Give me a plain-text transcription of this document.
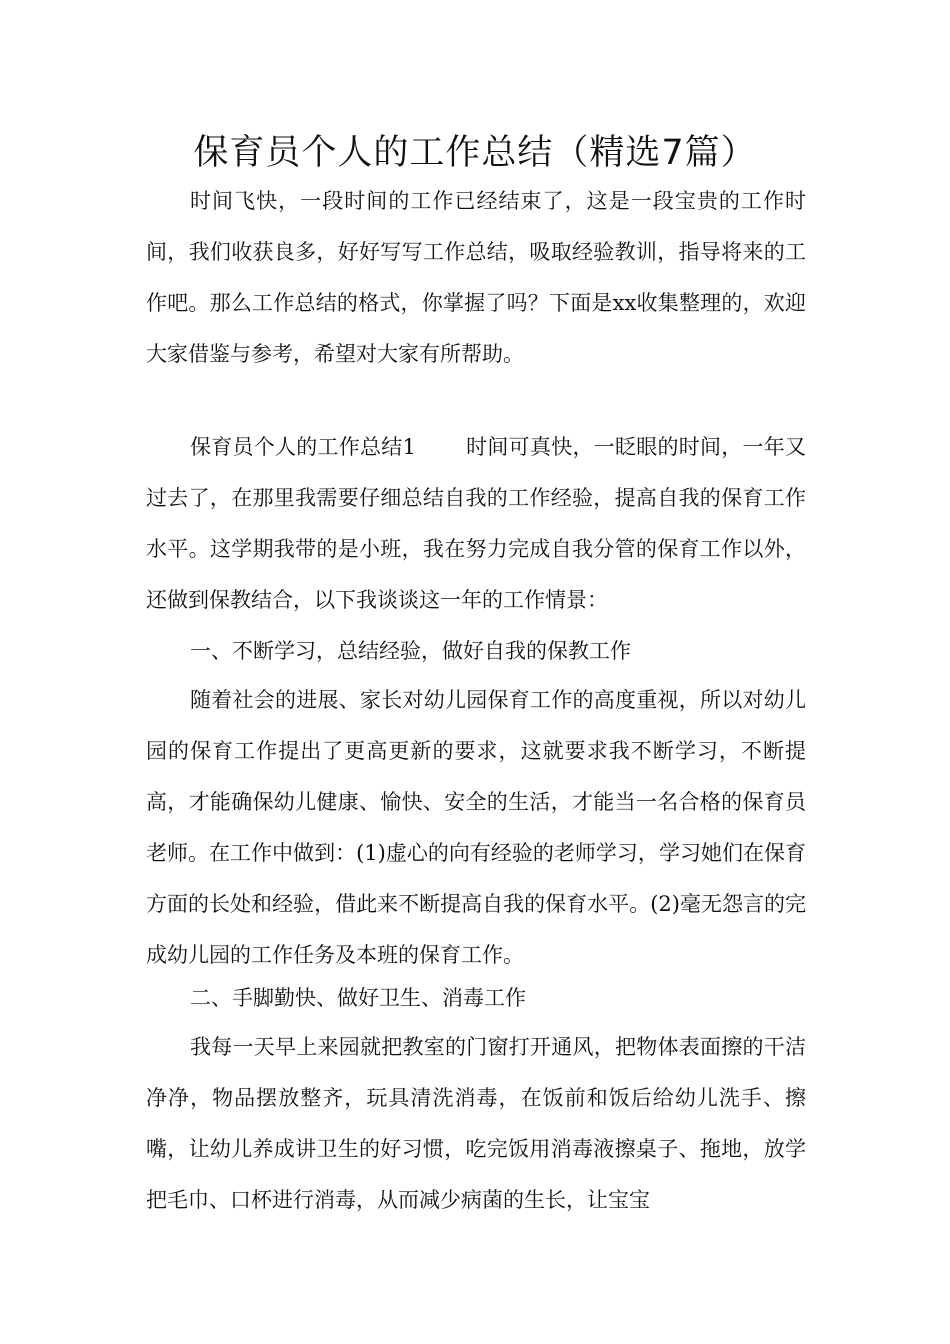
保育员个人的工作总结（精选7篇）
时间飞快，一段时间的工作已经结束了，这是一段宝贵的工作时间，我们收获良多，好好写写工作总结，吸取经验教训，指导将来的工作吧。那么工作总结的格式，你掌握了吗？下面是xx收集整理的，欢迎大家借鉴与参考，希望对大家有所帮助。
保育员个人的工作总结1 时间可真快，一眨眼的时间，一年又过去了，在那里我需要仔细总结自我的工作经验，提高自我的保育工作水平。这学期我带的是小班，我在努力完成自我分管的保育工作以外，还做到保教结合，以下我谈谈这一年的工作情景：
一、不断学习，总结经验，做好自我的保教工作
随着社会的进展、家长对幼儿园保育工作的高度重视，所以对幼儿园的保育工作提出了更高更新的要求，这就要求我不断学习，不断提高，才能确保幼儿健康、愉快、安全的生活，才能当一名合格的保育员老师。在工作中做到：(1)虚心的向有经验的老师学习，学习她们在保育方面的长处和经验，借此来不断提高自我的保育水平。(2)毫无怨言的完成幼儿园的工作任务及本班的保育工作。
二、手脚勤快、做好卫生、消毒工作
我每一天早上来园就把教室的门窗打开通风，把物体表面擦的干洁净净，物品摆放整齐，玩具清洗消毒，在饭前和饭后给幼儿洗手、擦嘴，让幼儿养成讲卫生的好习惯，吃完饭用消毒液擦桌子、拖地，放学把毛巾、口杯进行消毒，从而减少病菌的生长，让宝宝
